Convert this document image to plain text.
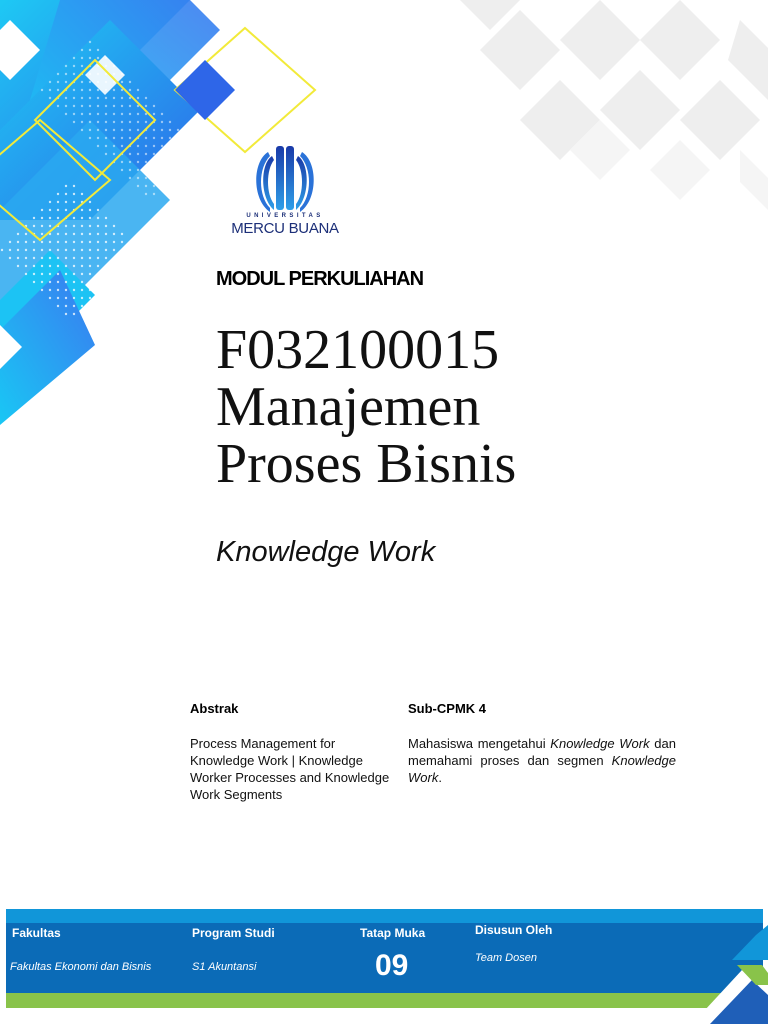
UNIVERSITAS
MERCU BUANA
MODUL PERKULIAHAN
F032100015
Manajemen
Proses Bisnis
Knowledge Work
Abstrak
Process Management for Knowledge Work | Knowledge Worker Processes and Knowledge Work Segments
Sub-CPMK 4
Mahasiswa mengetahui Knowledge Work dan memahami proses dan segmen Knowledge Work.
Fakultas
Fakultas Ekonomi dan Bisnis
Program Studi
S1 Akuntansi
Tatap Muka
09
Disusun Oleh
Team Dosen
